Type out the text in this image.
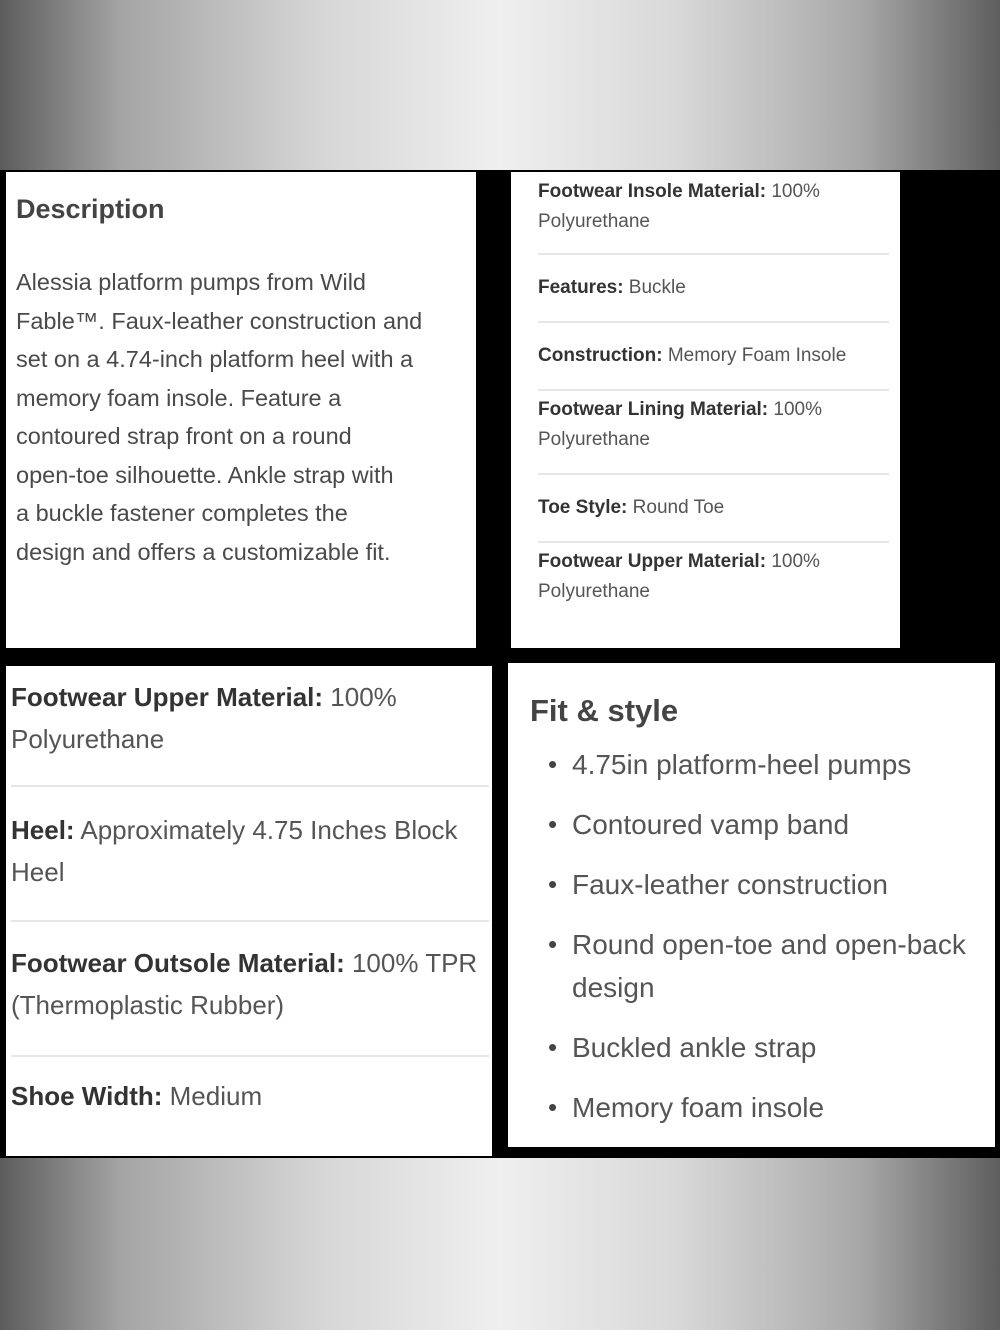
Description

Alessia platform pumps from Wild
Fable™. Faux-leather construction and
set on a 4.74-inch platform heel with a
memory foam insole. Feature a
contoured strap front on a round
open-toe silhouette. Ankle strap with
a buckle fastener completes the
design and offers a customizable fit.

Footwear Insole Material: 100% Polyurethane
Features: Buckle
Construction: Memory Foam Insole
Footwear Lining Material: 100% Polyurethane
Toe Style: Round Toe
Footwear Upper Material: 100% Polyurethane
Footwear Upper Material: 100% Polyurethane
Heel: Approximately 4.75 Inches Block Heel
Footwear Outsole Material: 100% TPR (Thermoplastic Rubber)
Shoe Width: Medium
Fit & style
• 4.75in platform-heel pumps
• Contoured vamp band
• Faux-leather construction
• Round open-toe and open-back design
• Buckled ankle strap
• Memory foam insole
